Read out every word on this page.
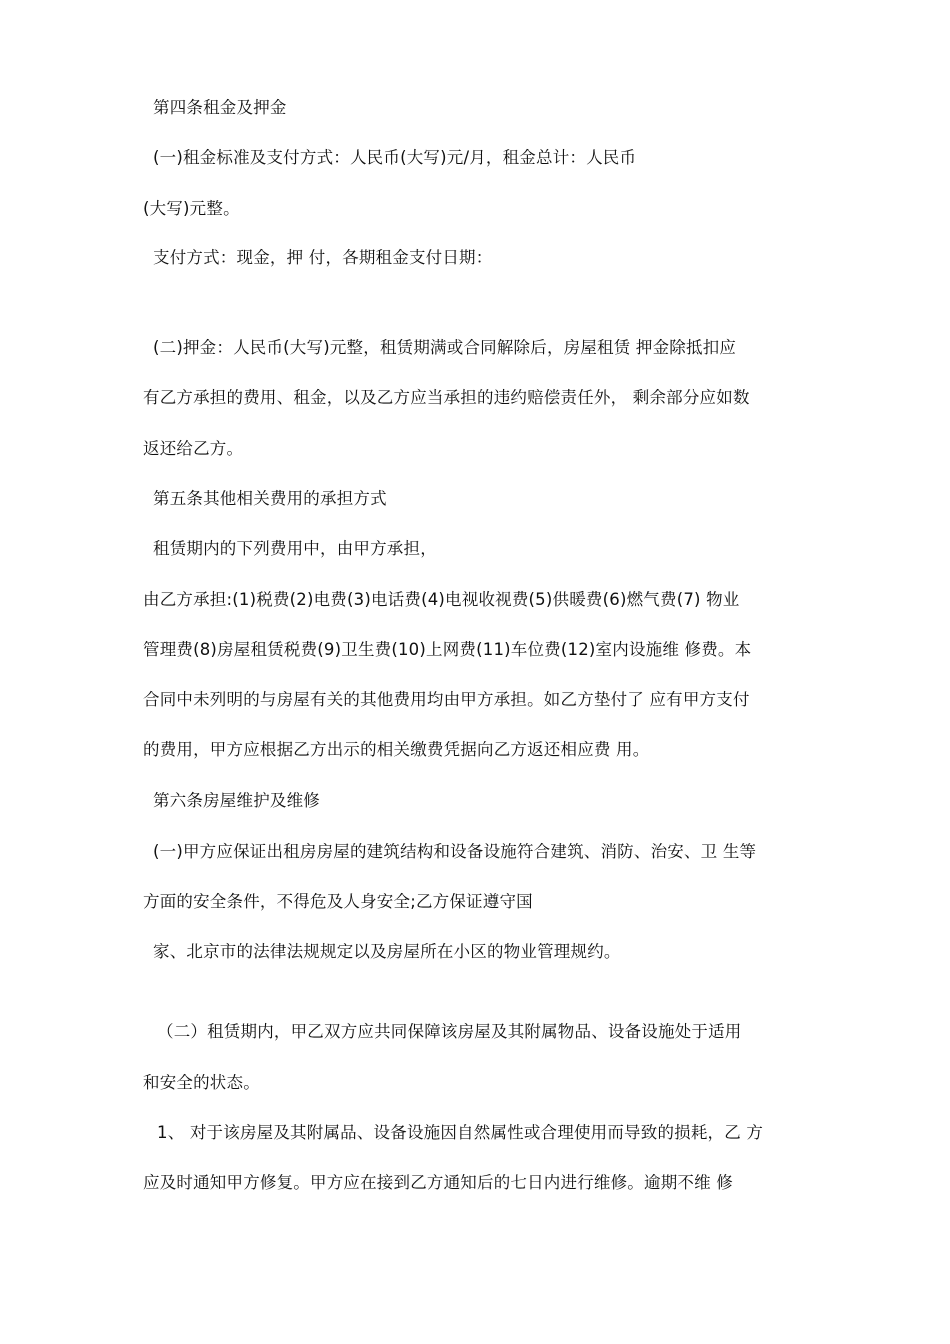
第四条租金及押金
(一)租金标准及支付方式：人民币(大写)元/月，租金总计：人民币
(大写)元整。
支付方式：现金，押 付，各期租金支付日期：
(二)押金：人民币(大写)元整，租赁期满或合同解除后，房屋租赁 押金除抵扣应
有乙方承担的费用、租金，以及乙方应当承担的违约赔偿责任外， 剩余部分应如数
返还给乙方。
第五条其他相关费用的承担方式
租赁期内的下列费用中，由甲方承担，
由乙方承担:(1)税费(2)电费(3)电话费(4)电视收视费(5)供暖费(6)燃气费(7) 物业
管理费(8)房屋租赁税费(9)卫生费(10)上网费(11)车位费(12)室内设施维 修费。本
合同中未列明的与房屋有关的其他费用均由甲方承担。如乙方垫付了 应有甲方支付
的费用，甲方应根据乙方出示的相关缴费凭据向乙方返还相应费 用。
第六条房屋维护及维修
(一)甲方应保证出租房房屋的建筑结构和设备设施符合建筑、消防、治安、卫 生等
方面的安全条件，不得危及人身安全;乙方保证遵守国
家、北京市的法律法规规定以及房屋所在小区的物业管理规约。
（二）租赁期内，甲乙双方应共同保障该房屋及其附属物品、设备设施处于适用
和安全的状态。
1、 对于该房屋及其附属品、设备设施因自然属性或合理使用而导致的损耗，乙 方
应及时通知甲方修复。甲方应在接到乙方通知后的七日内进行维修。逾期不维 修
